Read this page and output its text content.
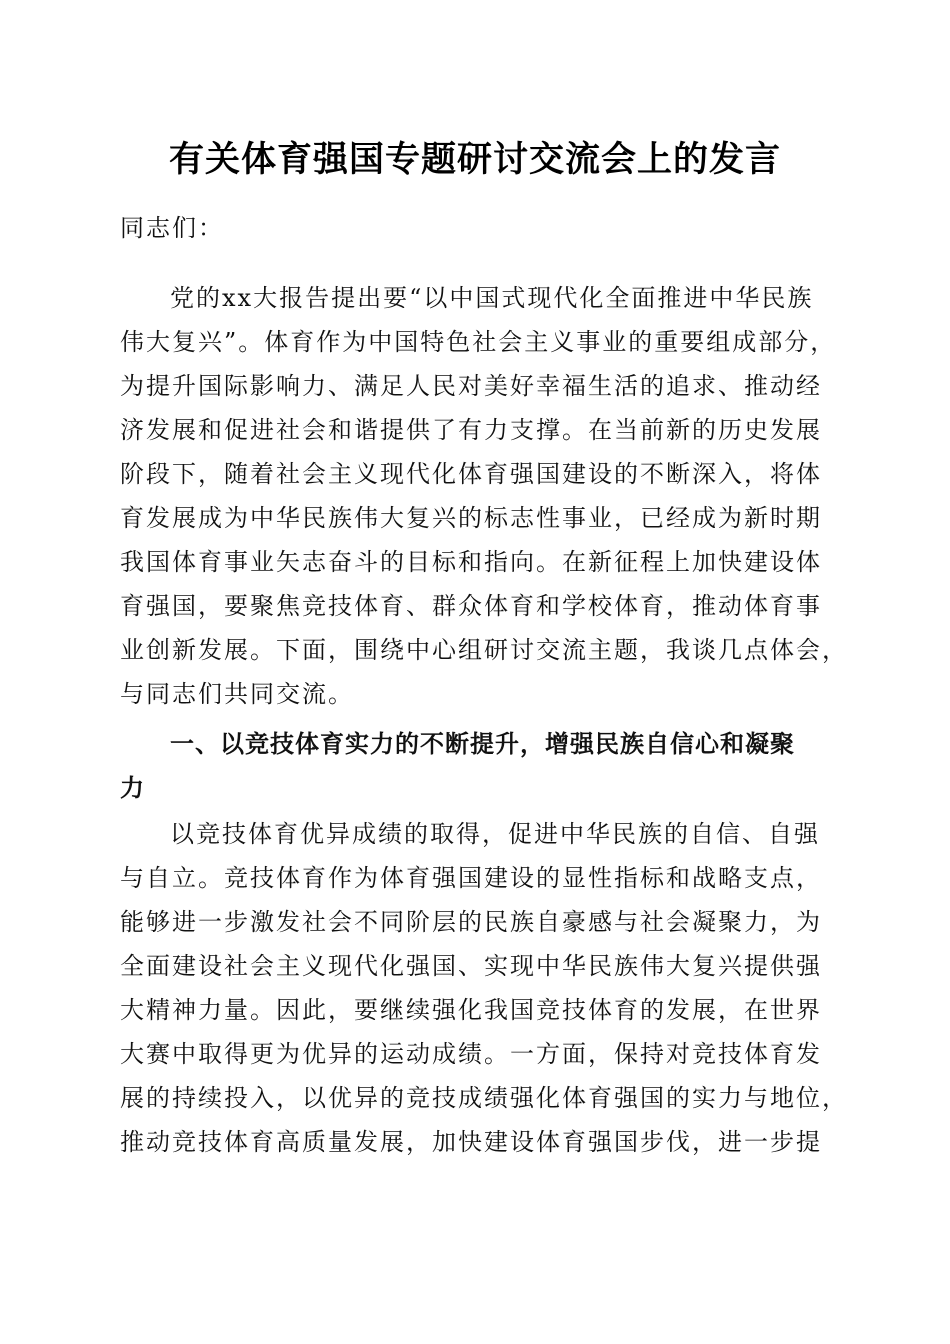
有关体育强国专题研讨交流会上的发言
同志们：
党的xx大报告提出要“以中国式现代化全面推进中华民族
伟大复兴”。体育作为中国特色社会主义事业的重要组成部分，
为提升国际影响力、满足人民对美好幸福生活的追求、推动经
济发展和促进社会和谐提供了有力支撑。在当前新的历史发展
阶段下，随着社会主义现代化体育强国建设的不断深入，将体
育发展成为中华民族伟大复兴的标志性事业，已经成为新时期
我国体育事业矢志奋斗的目标和指向。在新征程上加快建设体
育强国，要聚焦竞技体育、群众体育和学校体育，推动体育事
业创新发展。下面，围绕中心组研讨交流主题，我谈几点体会，
与同志们共同交流。
一、以竞技体育实力的不断提升，增强民族自信心和凝聚
力
以竞技体育优异成绩的取得，促进中华民族的自信、自强
与自立。竞技体育作为体育强国建设的显性指标和战略支点，
能够进一步激发社会不同阶层的民族自豪感与社会凝聚力，为
全面建设社会主义现代化强国、实现中华民族伟大复兴提供强
大精神力量。因此，要继续强化我国竞技体育的发展，在世界
大赛中取得更为优异的运动成绩。一方面，保持对竞技体育发
展的持续投入，以优异的竞技成绩强化体育强国的实力与地位，
推动竞技体育高质量发展，加快建设体育强国步伐，进一步提
